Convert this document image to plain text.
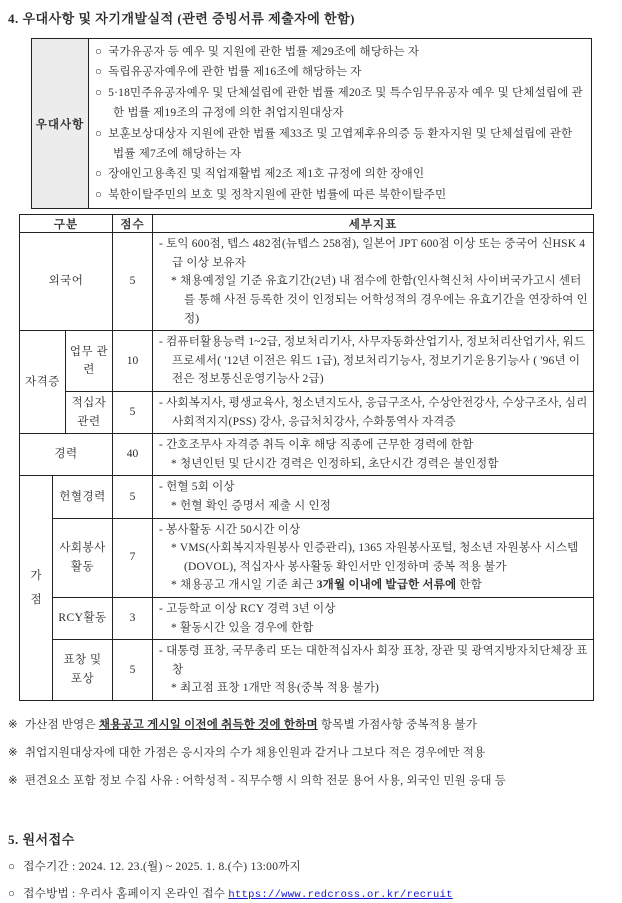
4. 우대사항 및 자기개발실적 (관련 증빙서류 제출자에 한함)
우대사항	
○ 국가유공자 등 예우 및 지원에 관한 법률 제29조에 해당하는 자
○ 독립유공자예우에 관한 법률 제16조에 해당하는 자
○ 5·18민주유공자예우 및 단체설립에 관한 법률 제20조 및 특수임무유공자 예우 및 단체설립에 관한 법률 제19조의 규정에 의한 취업지원대상자
○ 보훈보상대상자 지원에 관한 법률 제33조 및 고엽제후유의증 등 환자지원 및 단체설립에 관한 법률 제7조에 해당하는 자
○ 장애인고용촉진 및 직업재활법 제2조 제1호 규정에 의한 장애인
○ 북한이탈주민의 보호 및 정착지원에 관한 법률에 따른 북한이탈주민
구분			점수	세부지표
외국어			5	- 토익 600점, 텝스 482점(뉴텝스 258점), 일본어 JPT 600점 이상 또는 중국어 신HSK 4급 이상 보유자
* 채용예정일 기준 유효기간(2년) 내 점수에 한함(인사혁신처 사이버국가고시 센터를 통해 사전 등록한 것이 인정되는 어학성적의 경우에는 유효기간을 연장하여 인정)

자격증		업무 관련	10	- 컴퓨터활용능력 1~2급, 정보처리기사, 사무자동화산업기사, 정보처리산업기사, 워드프로세서( '12년 이전은 워드 1급), 정보처리기능사, 정보기기운용기능사 ( '96년 이전은 정보통신운영기능사 2급)

		적십자 관련	5	- 사회복지사, 평생교육사, 청소년지도사, 응급구조사, 수상안전강사, 수상구조사, 심리사회적지지(PSS) 강사, 응급처치강사, 수화통역사 자격증

경력			40	- 간호조무사 자격증 취득 이후 해당 직종에 근무한 경력에 한함
* 청년인턴 및 단시간 경력은 인정하되, 초단시간 경력은 불인정함

가점	헌혈경력		5	- 헌혈 5회 이상
* 헌혈 확인 증명서 제출 시 인정

	사회봉사 활동		7	- 봉사활동 시간 50시간 이상
* VMS(사회복지자원봉사 인증관리), 1365 자원봉사포털, 청소년 자원봉사 시스템(DOVOL), 적십자사 봉사활동 확인서만 인정하며 중복 적용 불가
* 채용공고 개시일 기준 최근 3개월 이내에 발급한 서류에 한함

	RCY활동		3	- 고등학교 이상 RCY 경력 3년 이상
* 활동시간 있을 경우에 한함

	표창 및 포상		5	- 대통령 표창, 국무총리 또는 대한적십자사 회장 표창, 장관 및 광역지방자치단체장 표창
* 최고점 표창 1개만 적용(중복 적용 불가)
※ 가산점 반영은 채용공고 게시일 이전에 취득한 것에 한하며 항목별 가점사항 중복적용 불가
※ 취업지원대상자에 대한 가점은 응시자의 수가 채용인원과 같거나 그보다 적은 경우에만 적용
※ 편견요소 포함 정보 수집 사유 : 어학성적 - 직무수행 시 의학 전문 용어 사용, 외국인 민원 응대 등
5. 원서접수
○ 접수기간 : 2024. 12. 23.(월) ~ 2025. 1. 8.(수) 13:00까지
○ 접수방법 : 우리사 홈페이지 온라인 접수 https://www.redcross.or.kr/recruit
